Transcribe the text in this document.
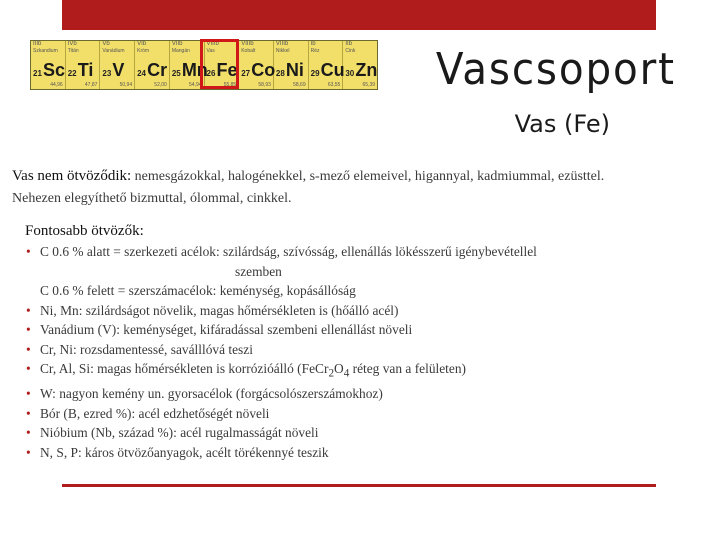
IIIb
Szkandium
21 Sc
44,96
IVb
Titán
22 Ti
47,87
Vb
Vanádium
23 V
50,94
VIb
Króm
24 Cr
52,00
VIIb
Mangán
25 Mn
54,94
VIIIb
Vas
26 Fe
55,85
VIIIb
Kobalt
27 Co
58,93
VIIIb
Nikkel
28 Ni
58,69
Ib
Réz
29 Cu
63,55
IIb
Cink
30 Zn
65,39 Vascsoport
Vas (Fe)
Vas nem ötvöződik: nemesgázokkal, halogénekkel, s-mező elemeivel, higannyal, kadmiummal, ezüsttel.
Nehezen elegyíthető bizmuttal, ólommal, cinkkel.
Fontosabb ötvözők:
• C 0.6 % alatt = szerkezeti acélok: szilárdság, szívósság, ellenállás lökésszerű igénybevétellel
szemben
C 0.6 % felett = szerszámacélok: keménység, kopásállóság
• Ni, Mn: szilárdságot növelik, magas hőmérsékleten is (hőálló acél)
• Vanádium (V): keménységet, kifáradással szembeni ellenállást növeli
• Cr, Ni: rozsdamentessé, saválllóvá teszi
• Cr, Al, Si: magas hőmérsékleten is korrózióálló ($FeCr_2O_4$ réteg van a felületen)
• W: nagyon kemény un. gyorsacélok (forgácsolószerszámokhoz)
• Bór (B, ezred %): acél edzhetőségét növeli
• Nióbium (Nb, század %): acél rugalmasságát növeli
• N, S, P: káros ötvözőanyagok, acélt törékennyé teszik
